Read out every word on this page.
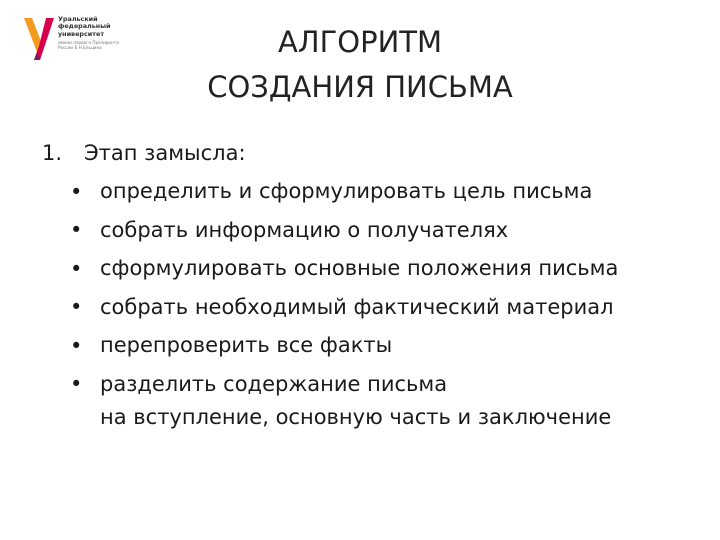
Уральский
федеральный
университет
имени первого Президента
России Б.Н.Ельцина	АЛГОРИТМ
СОЗДАНИЯ ПИСЬМА
1.	Этап замысла:
• определить и сформулировать цель письма
• собрать информацию о получателях
• сформулировать основные положения письма
• собрать необходимый фактический материал
• перепроверить все факты
• разделить содержание письма
на вступление, основную часть и заключение
